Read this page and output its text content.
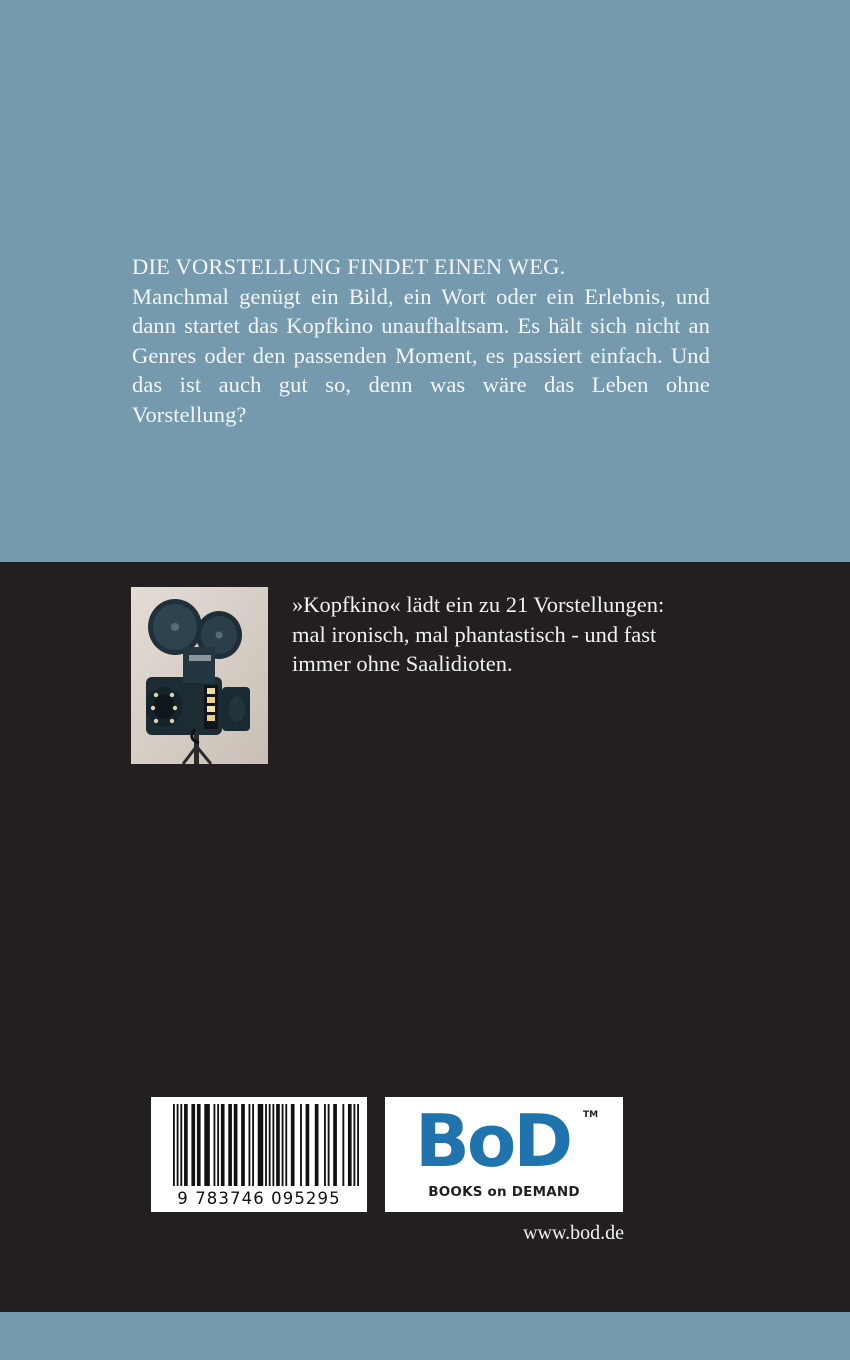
DIE VORSTELLUNG FINDET EINEN WEG.
Manchmal genügt ein Bild, ein Wort oder ein Erlebnis, und dann startet das Kopfkino unaufhaltsam. Es hält sich nicht an Genres oder den passenden Moment, es passiert einfach. Und das ist auch gut so, denn was wäre das Leben ohne Vorstellung?
»Kopfkino« lädt ein zu 21 Vorstellungen:
mal ironisch, mal phantastisch - und fast
immer ohne Saalidioten.
9 783746 095295
BoD TM
BOOKS on DEMAND
www.bod.de
